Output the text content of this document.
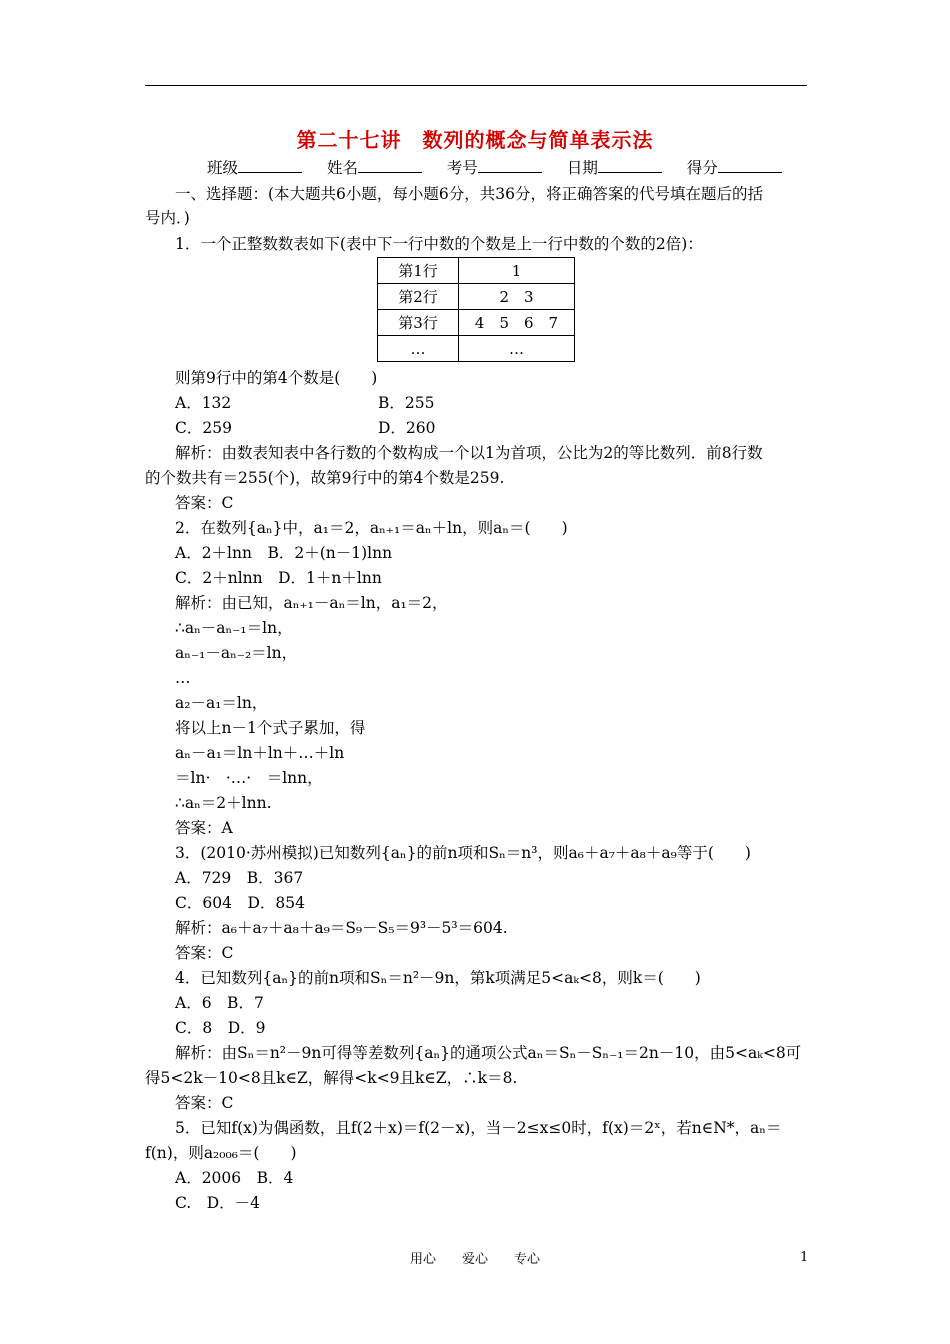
第二十七讲　数列的概念与简单表示法
班级	姓名	考号	日期	得分
一、选择题：(本大题共6小题，每小题6分，共36分，将正确答案的代号填在题后的括
号内．)
1．一个正整数数表如下(表中下一行中数的个数是上一行中数的个数的2倍)：
第1行	1
第2行	2　3
第3行	4　5　6　7
…	…
则第9行中的第4个数是(　　)
A．132	B．255
C．259	D．260
解析：由数表知表中各行数的个数构成一个以1为首项，公比为2的等比数列．前8行数
的个数共有＝255(个)，故第9行中的第4个数是259.
答案：C
2．在数列{aₙ}中，a₁＝2，aₙ₊₁＝aₙ＋ln，则aₙ＝(　　)
A．2＋lnn　B．2＋(n－1)lnn
C．2＋nlnn　D．1＋n＋lnn
解析：由已知，aₙ₊₁－aₙ＝ln，a₁＝2，
∴aₙ－aₙ₋₁＝ln，
aₙ₋₁－aₙ₋₂＝ln，
…
a₂－a₁＝ln，
将以上n－1个式子累加，得
aₙ－a₁＝ln＋ln＋…＋ln
＝ln·　·…·　＝lnn，
∴aₙ＝2＋lnn.
答案：A
3．(2010·苏州模拟)已知数列{aₙ}的前n项和Sₙ＝n³，则a₆＋a₇＋a₈＋a₉等于(　　)
A．729　B．367
C．604　D．854
解析：a₆＋a₇＋a₈＋a₉＝S₉－S₅＝9³－5³＝604.
答案：C
4．已知数列{aₙ}的前n项和Sₙ＝n²－9n，第k项满足5<aₖ<8，则k＝(　　)
A．6　B．7
C．8　D．9
解析：由Sₙ＝n²－9n可得等差数列{aₙ}的通项公式aₙ＝Sₙ－Sₙ₋₁＝2n－10，由5<aₖ<8可
得5<2k－10<8且k∈Z，解得<k<9且k∈Z，∴k＝8.
答案：C
5．已知f(x)为偶函数，且f(2＋x)＝f(2－x)，当－2≤x≤0时，f(x)＝2ˣ，若n∈N*，aₙ＝
f(n)，则a₂₀₀₆＝(　　)
A．2006　B．4
C.　D．－4
用心　　爱心　　专心	1
